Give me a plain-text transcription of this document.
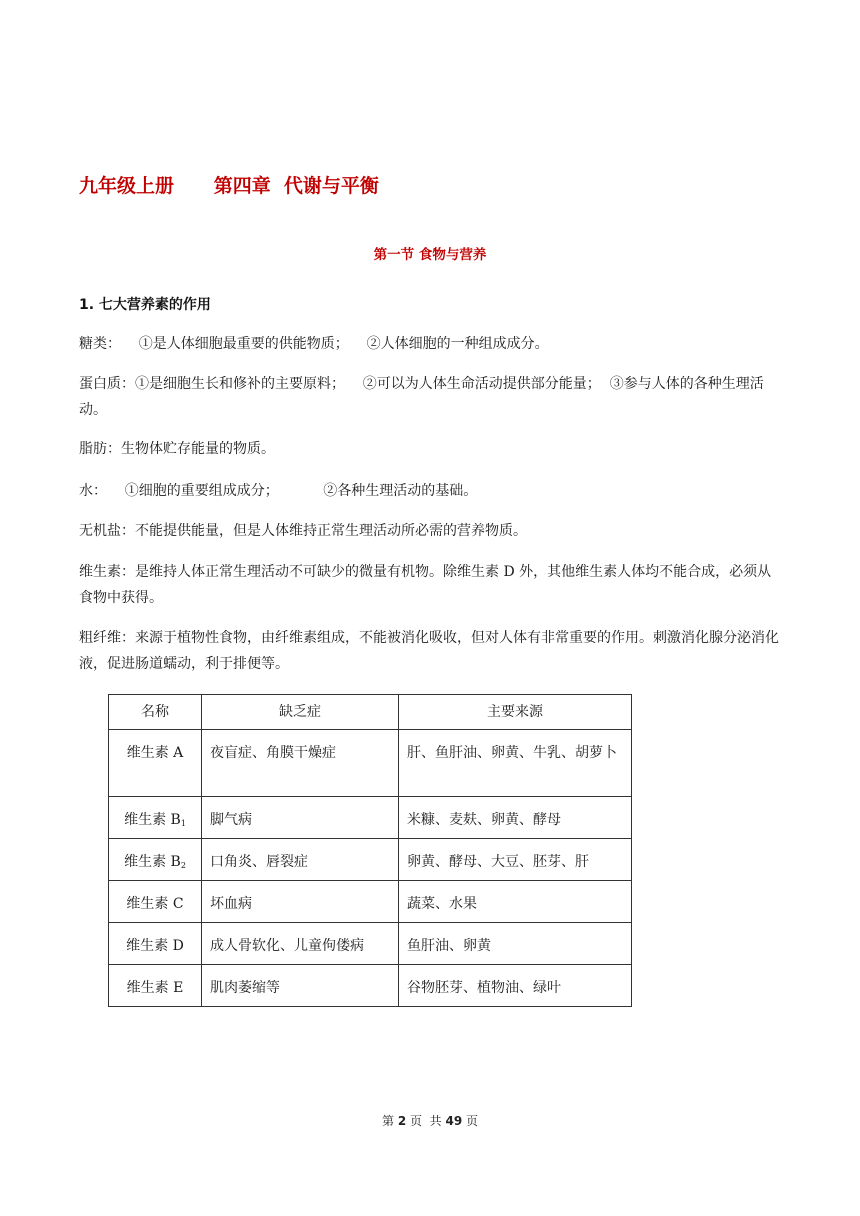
九年级上册      第四章  代谢与平衡
第一节 食物与营养
1. 七大营养素的作用
糖类：    ①是人体细胞最重要的供能物质；    ②人体细胞的一种组成成分。
蛋白质：①是细胞生长和修补的主要原料；    ②可以为人体生命活动提供部分能量；  ③参与人体的各种生理活动。
脂肪：生物体贮存能量的物质。
水：    ①细胞的重要组成成分；          ②各种生理活动的基础。
无机盐：不能提供能量，但是人体维持正常生理活动所必需的营养物质。
维生素：是维持人体正常生理活动不可缺少的微量有机物。除维生素 D 外，其他维生素人体均不能合成，必须从食物中获得。
粗纤维：来源于植物性食物，由纤维素组成，不能被消化吸收，但对人体有非常重要的作用。刺激消化腺分泌消化液，促进肠道蠕动，利于排便等。
名称	缺乏症	主要来源
维生素 A	夜盲症、角膜干燥症	肝、鱼肝油、卵黄、牛乳、胡萝卜
维生素 $B_1$	脚气病	米糠、麦麸、卵黄、酵母
维生素 $B_2$	口角炎、唇裂症	卵黄、酵母、大豆、胚芽、肝
维生素 C	坏血病	蔬菜、水果
维生素 D	成人骨软化、儿童佝偻病	鱼肝油、卵黄
维生素 E	肌肉萎缩等	谷物胚芽、植物油、绿叶
第 2 页  共 49 页
